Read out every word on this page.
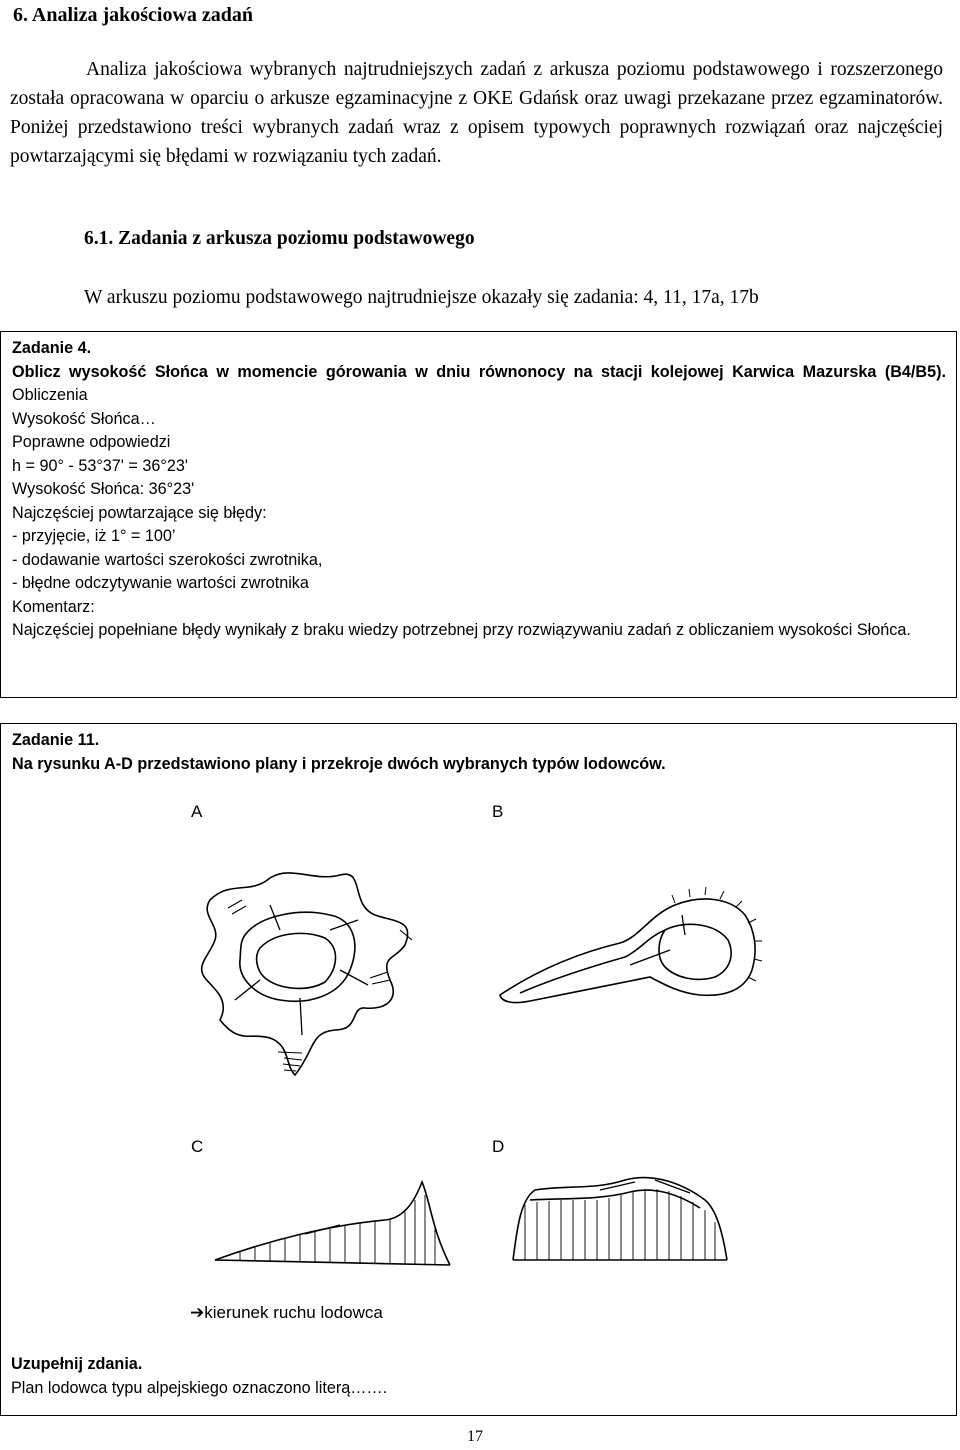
6. Analiza jakościowa zadań
Analiza jakościowa wybranych najtrudniejszych zadań z arkusza poziomu podstawowego i rozszerzonego została opracowana w oparciu o arkusze egzaminacyjne z OKE Gdańsk oraz uwagi przekazane przez egzaminatorów. Poniżej przedstawiono treści wybranych zadań wraz z opisem typowych poprawnych rozwiązań oraz najczęściej powtarzającymi się błędami w rozwiązaniu tych zadań.
6.1. Zadania z arkusza poziomu podstawowego
W arkuszu poziomu podstawowego najtrudniejsze okazały się zadania: 4, 11, 17a, 17b
Zadanie 4.
Oblicz wysokość Słońca w momencie górowania w dniu równonocy na stacji kolejowej Karwica Mazurska (B4/B5).
Obliczenia
Wysokość Słońca…
Poprawne odpowiedzi
h = 90° - 53°37' = 36°23'
Wysokość Słońca: 36°23'
Najczęściej powtarzające się błędy:
- przyjęcie, iż 1° = 100’
- dodawanie wartości szerokości zwrotnika,
- błędne odczytywanie wartości zwrotnika
Komentarz:
Najczęściej popełniane błędy wynikały z braku wiedzy potrzebnej przy rozwiązywaniu zadań z obliczaniem wysokości Słońca.
Zadanie 11.
Na rysunku A-D przedstawiono plany i przekroje dwóch wybranych typów lodowców.
A	B
C	D
➔kierunek ruchu lodowca
Uzupełnij zdania.
Plan lodowca typu alpejskiego oznaczono literą…….
17
